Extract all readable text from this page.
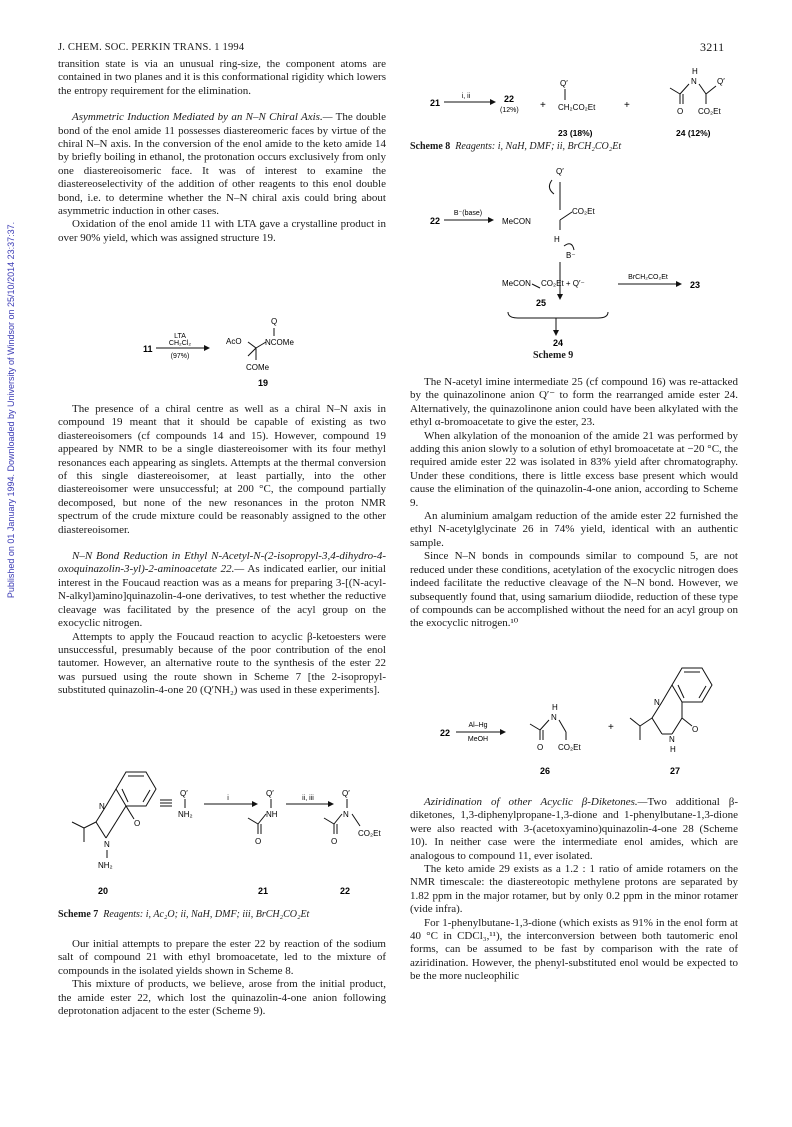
J. CHEM. SOC. PERKIN TRANS. 1 1994	3211
Published on 01 January 1994. Downloaded by University of Windsor on 25/10/2014 23:37:37.

transition state is via an unusual ring-size, the component atoms are contained in two planes and it is this conformational rigidity which lowers the entropy requirement for the elimination.

Asymmetric Induction Mediated by an N–N Chiral Axis.— The double bond of the enol amide 11 possesses diastereomeric faces by virtue of the chiral N–N axis. In the conversion of the enol amide to the keto amide 14 by briefly boiling in ethanol, the protonation occurs exclusively from only one diastereoisomeric face. It was of interest to examine the diastereoselectivity of the addition of other reagents to this enol double bond, i.e. to determine whether the N–N chiral axis could bring about asymmetric induction in other cases.

Oxidation of the enol amide 11 with LTA gave a crystalline product in over 90% yield, which was assigned structure 19.

11
LTA
CH₂Cl₂
(97%)
AcO
Q
NCOMe
COMe
19

The presence of a chiral centre as well as a chiral N–N axis in compound 19 meant that it should be capable of existing as two diastereoisomers (cf compounds 14 and 15). However, compound 19 appeared by NMR to be a single diastereoisomer with its four methyl resonances each appearing as singlets. Attempts at the thermal conversion of this single diastereoisomer, at least partially, into the other diastereoisomer were unsuccessful; at 200 °C, the compound partially decomposed, but none of the new resonances in the proton NMR spectrum of the crude mixture could be reasonably assigned to the other diastereoisomer.

N–N Bond Reduction in Ethyl N-Acetyl-N-(2-isopropyl-3,4-dihydro-4-oxoquinazolin-3-yl)-2-aminoacetate 22.— As indicated earlier, our initial interest in the Foucaud reaction was as a means for preparing 3-[(N-acyl-N-alkyl)amino]quinazolin-4-one derivatives, to test whether the reductive cleavage was facilitated by the presence of the acyl group on the exocyclic nitrogen.

Attempts to apply the Foucaud reaction to acyclic β-ketoesters were unsuccessful, presumably because of the poor contribution of the enol tautomer. However, an alternative route to the synthesis of the ester 22 was pursued using the route shown in Scheme 7 [the 2-isopropyl-substituted quinazolin-4-one 20 (Q′NH₂) was used in these experiments].

N
O
N
NH₂
20
Q′
NH₂
i
Q′
NH
O
21
ii, iii
Q′
N
O
CO₂Et
22
Scheme 7 Reagents: i, Ac₂O; ii, NaH, DMF; iii, BrCH₂CO₂Et

Our initial attempts to prepare the ester 22 by reaction of the sodium salt of compound 21 with ethyl bromoacetate, led to the mixture of compounds in the isolated yields shown in Scheme 8.

This mixture of products, we believe, arose from the initial product, the amide ester 22, which lost the quinazolin-4-one anion following deprotonation adjacent to the ester (Scheme 9).

21
i, ii	22
(12%) +
Q′
CH₂CO₂Et	+
H
N
O
Q′
CO₂Et
23 (18%)	24 (12%)
Scheme 8 Reagents: i, NaH, DMF; ii, BrCH₂CO₂Et
22
B⁻(base)
Q′
MeCON
CO₂Et
H
B⁻
MeCON CO₂Et + Q′⁻
BrCH₂CO₂Et
23
25
24
Scheme 9

The N-acetyl imine intermediate 25 (cf compound 16) was re-attacked by the quinazolinone anion Q′⁻ to form the rearranged amide ester 24. Alternatively, the quinazolinone anion could have been alkylated with the ethyl α-bromoacetate to give the ester, 23.

When alkylation of the monoanion of the amide 21 was performed by adding this anion slowly to a solution of ethyl bromoacetate at −20 °C, the required amide ester 22 was isolated in 83% yield after chromatography. Under these conditions, there is little excess base present which would cause the elimination of the quinazolin-4-one anion, according to Scheme 9.

An aluminium amalgam reduction of the amide ester 22 furnished the ethyl N-acetylglycinate 26 in 74% yield, identical with an authentic sample.

Since N–N bonds in compounds similar to compound 5, are not reduced under these conditions, acetylation of the exocyclic nitrogen does indeed facilitate the reductive cleavage of the N–N bond. However, we subsequently found that, using samarium diiodide, reduction of these type of compounds can be accomplished without the need for an acyl group on the exocyclic nitrogen.¹⁰

22
Al–Hg
MeOH
H
N
O CO₂Et
26
+	O
N
N
H
27

Aziridination of other Acyclic β-Diketones.—Two additional β-diketones, 1,3-diphenylpropane-1,3-dione and 1-phenylbutane-1,3-dione were also reacted with 3-(acetoxyamino)quinazolin-4-one 28 (Scheme 10). In neither case were the intermediate enol amides, which are analogous to compound 11, ever isolated.

The keto amide 29 exists as a 1.2 : 1 ratio of amide rotamers on the NMR timescale: the diastereotopic methylene protons are separated by 1.82 ppm in the major rotamer, but by only 0.2 ppm in the minor rotamer (vide infra).

For 1-phenylbutane-1,3-dione (which exists as 91% in the enol form at 40 °C in CDCl₃,¹¹), the interconversion between both tautomeric enol forms, can be assumed to be fast by comparison with the rate of aziridination. However, the phenyl-substituted enol would be expected to be the more nucleophilic
